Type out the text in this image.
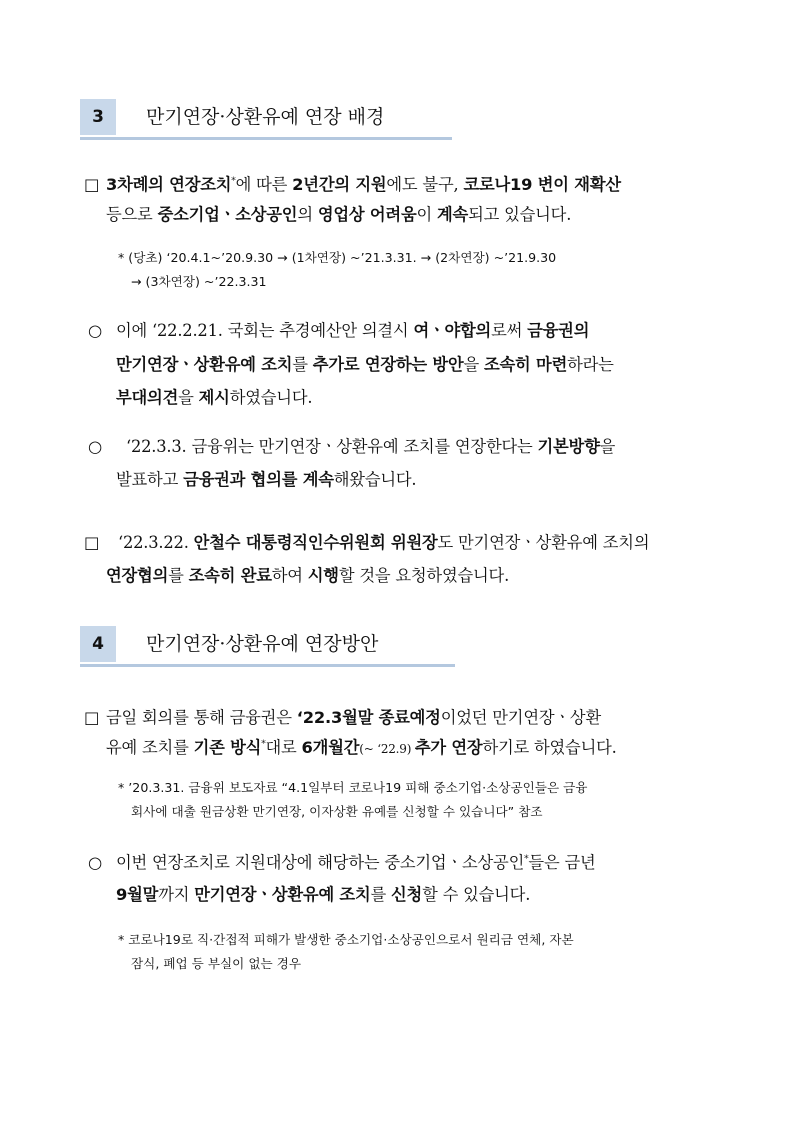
3	만기연장·상환유예 연장 배경
□ 3차례의 연장조치*에 따른 2년간의 지원에도 불구, 코로나19 변이 재확산
등으로 중소기업ㆍ소상공인의 영업상 어려움이 계속되고 있습니다.
* (당초) ‘20.4.1~’20.9.30 → (1차연장) ~’21.3.31. → (2차연장) ~’21.9.30
→ (3차연장) ~’22.3.31
○ 이에 ‘22.2.21. 국회는 추경예산안 의결시 여ㆍ야합의로써 금융권의
만기연장ㆍ상환유예 조치를 추가로 연장하는 방안을 조속히 마련하라는
부대의견을 제시하였습니다.
○ ‘22.3.3. 금융위는 만기연장ㆍ상환유예 조치를 연장한다는 기본방향을
발표하고 금융권과 협의를 계속해왔습니다.
□ ‘22.3.22. 안철수 대통령직인수위원회 위원장도 만기연장ㆍ상환유예 조치의
연장협의를 조속히 완료하여 시행할 것을 요청하였습니다.
4	만기연장·상환유예 연장방안
□ 금일 회의를 통해 금융권은 ‘22.3월말 종료예정이었던 만기연장ㆍ상환
유예 조치를 기존 방식*대로 6개월간(~ ‘22.9) 추가 연장하기로 하였습니다.
* ’20.3.31. 금융위 보도자료 “4.1일부터 코로나19 피해 중소기업·소상공인들은 금융
회사에 대출 원금상환 만기연장, 이자상환 유예를 신청할 수 있습니다” 참조
○ 이번 연장조치로 지원대상에 해당하는 중소기업ㆍ소상공인*들은 금년
9월말까지 만기연장ㆍ상환유예 조치를 신청할 수 있습니다.
* 코로나19로 직·간접적 피해가 발생한 중소기업·소상공인으로서 원리금 연체, 자본
잠식, 폐업 등 부실이 없는 경우
